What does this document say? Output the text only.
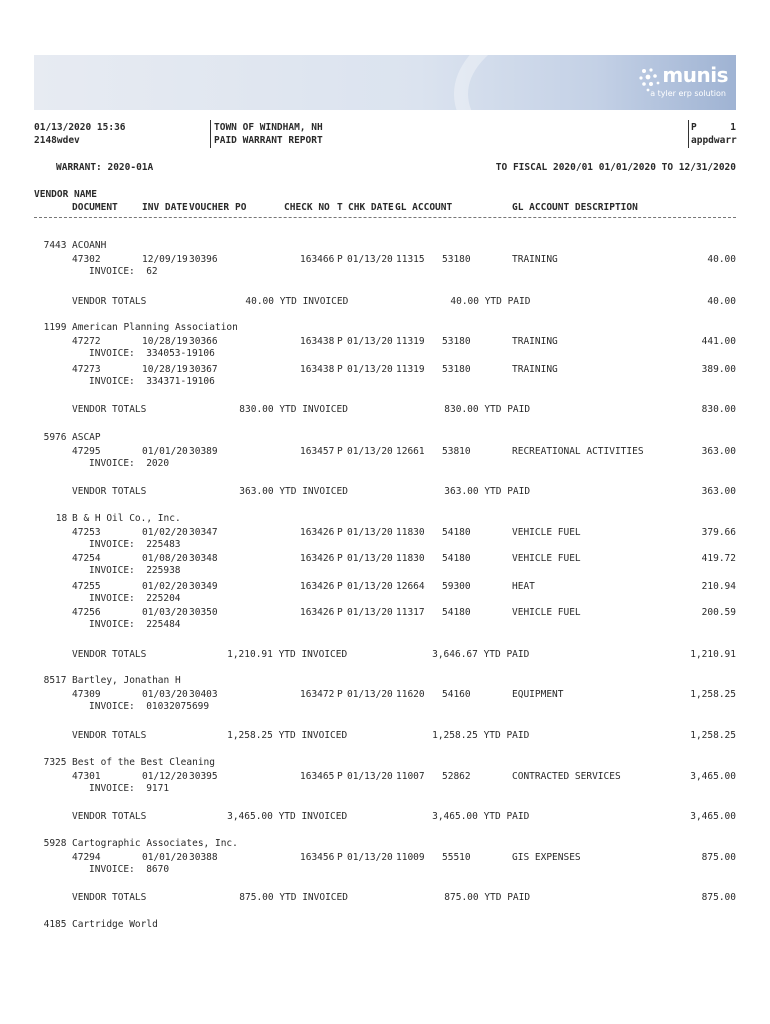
munis
a tyler erp solution
01/13/2020 15:36
2148wdev
TOWN OF WINDHAM, NH
PAID WARRANT REPORT
P	1
appdwarr
WARRANT: 2020-01A	TO FISCAL 2020/01 01/01/2020 TO 12/31/2020
VENDOR NAME
DOCUMENT	INV DATE VOUCHER PO	CHECK NO T CHK DATE GL ACCOUNT	GL ACCOUNT DESCRIPTION
7443 ACOANH
47302	12/09/19 30396	163466 P 01/13/20 11315 53180	TRAINING	40.00
INVOICE:  62
VENDOR TOTALS	40.00 YTD INVOICED	40.00 YTD PAID	40.00
1199 American Planning Association
47272	10/28/19 30366	163438 P 01/13/20 11319 53180	TRAINING	441.00
INVOICE:  334053-19106
47273	10/28/19 30367	163438 P 01/13/20 11319 53180	TRAINING	389.00
INVOICE:  334371-19106
VENDOR TOTALS	830.00 YTD INVOICED	830.00 YTD PAID	830.00
5976 ASCAP
47295	01/01/20 30389	163457 P 01/13/20 12661 53810	RECREATIONAL ACTIVITIES	363.00
INVOICE:  2020
VENDOR TOTALS	363.00 YTD INVOICED	363.00 YTD PAID	363.00
18 B & H Oil Co., Inc.
47253	01/02/20 30347	163426 P 01/13/20 11830 54180	VEHICLE FUEL	379.66
INVOICE:  225483
47254	01/08/20 30348	163426 P 01/13/20 11830 54180	VEHICLE FUEL	419.72
INVOICE:  225938
47255	01/02/20 30349	163426 P 01/13/20 12664 59300	HEAT	210.94
INVOICE:  225204
47256	01/03/20 30350	163426 P 01/13/20 11317 54180	VEHICLE FUEL	200.59
INVOICE:  225484
VENDOR TOTALS	1,210.91 YTD INVOICED	3,646.67 YTD PAID	1,210.91
8517 Bartley, Jonathan H
47309	01/03/20 30403	163472 P 01/13/20 11620 54160	EQUIPMENT	1,258.25
INVOICE:  01032075699
VENDOR TOTALS	1,258.25 YTD INVOICED	1,258.25 YTD PAID	1,258.25
7325 Best of the Best Cleaning
47301	01/12/20 30395	163465 P 01/13/20 11007 52862	CONTRACTED SERVICES	3,465.00
INVOICE:  9171
VENDOR TOTALS	3,465.00 YTD INVOICED	3,465.00 YTD PAID	3,465.00
5928 Cartographic Associates, Inc.
47294	01/01/20 30388	163456 P 01/13/20 11009 55510	GIS EXPENSES	875.00
INVOICE:  8670
VENDOR TOTALS	875.00 YTD INVOICED	875.00 YTD PAID	875.00
4185 Cartridge World
